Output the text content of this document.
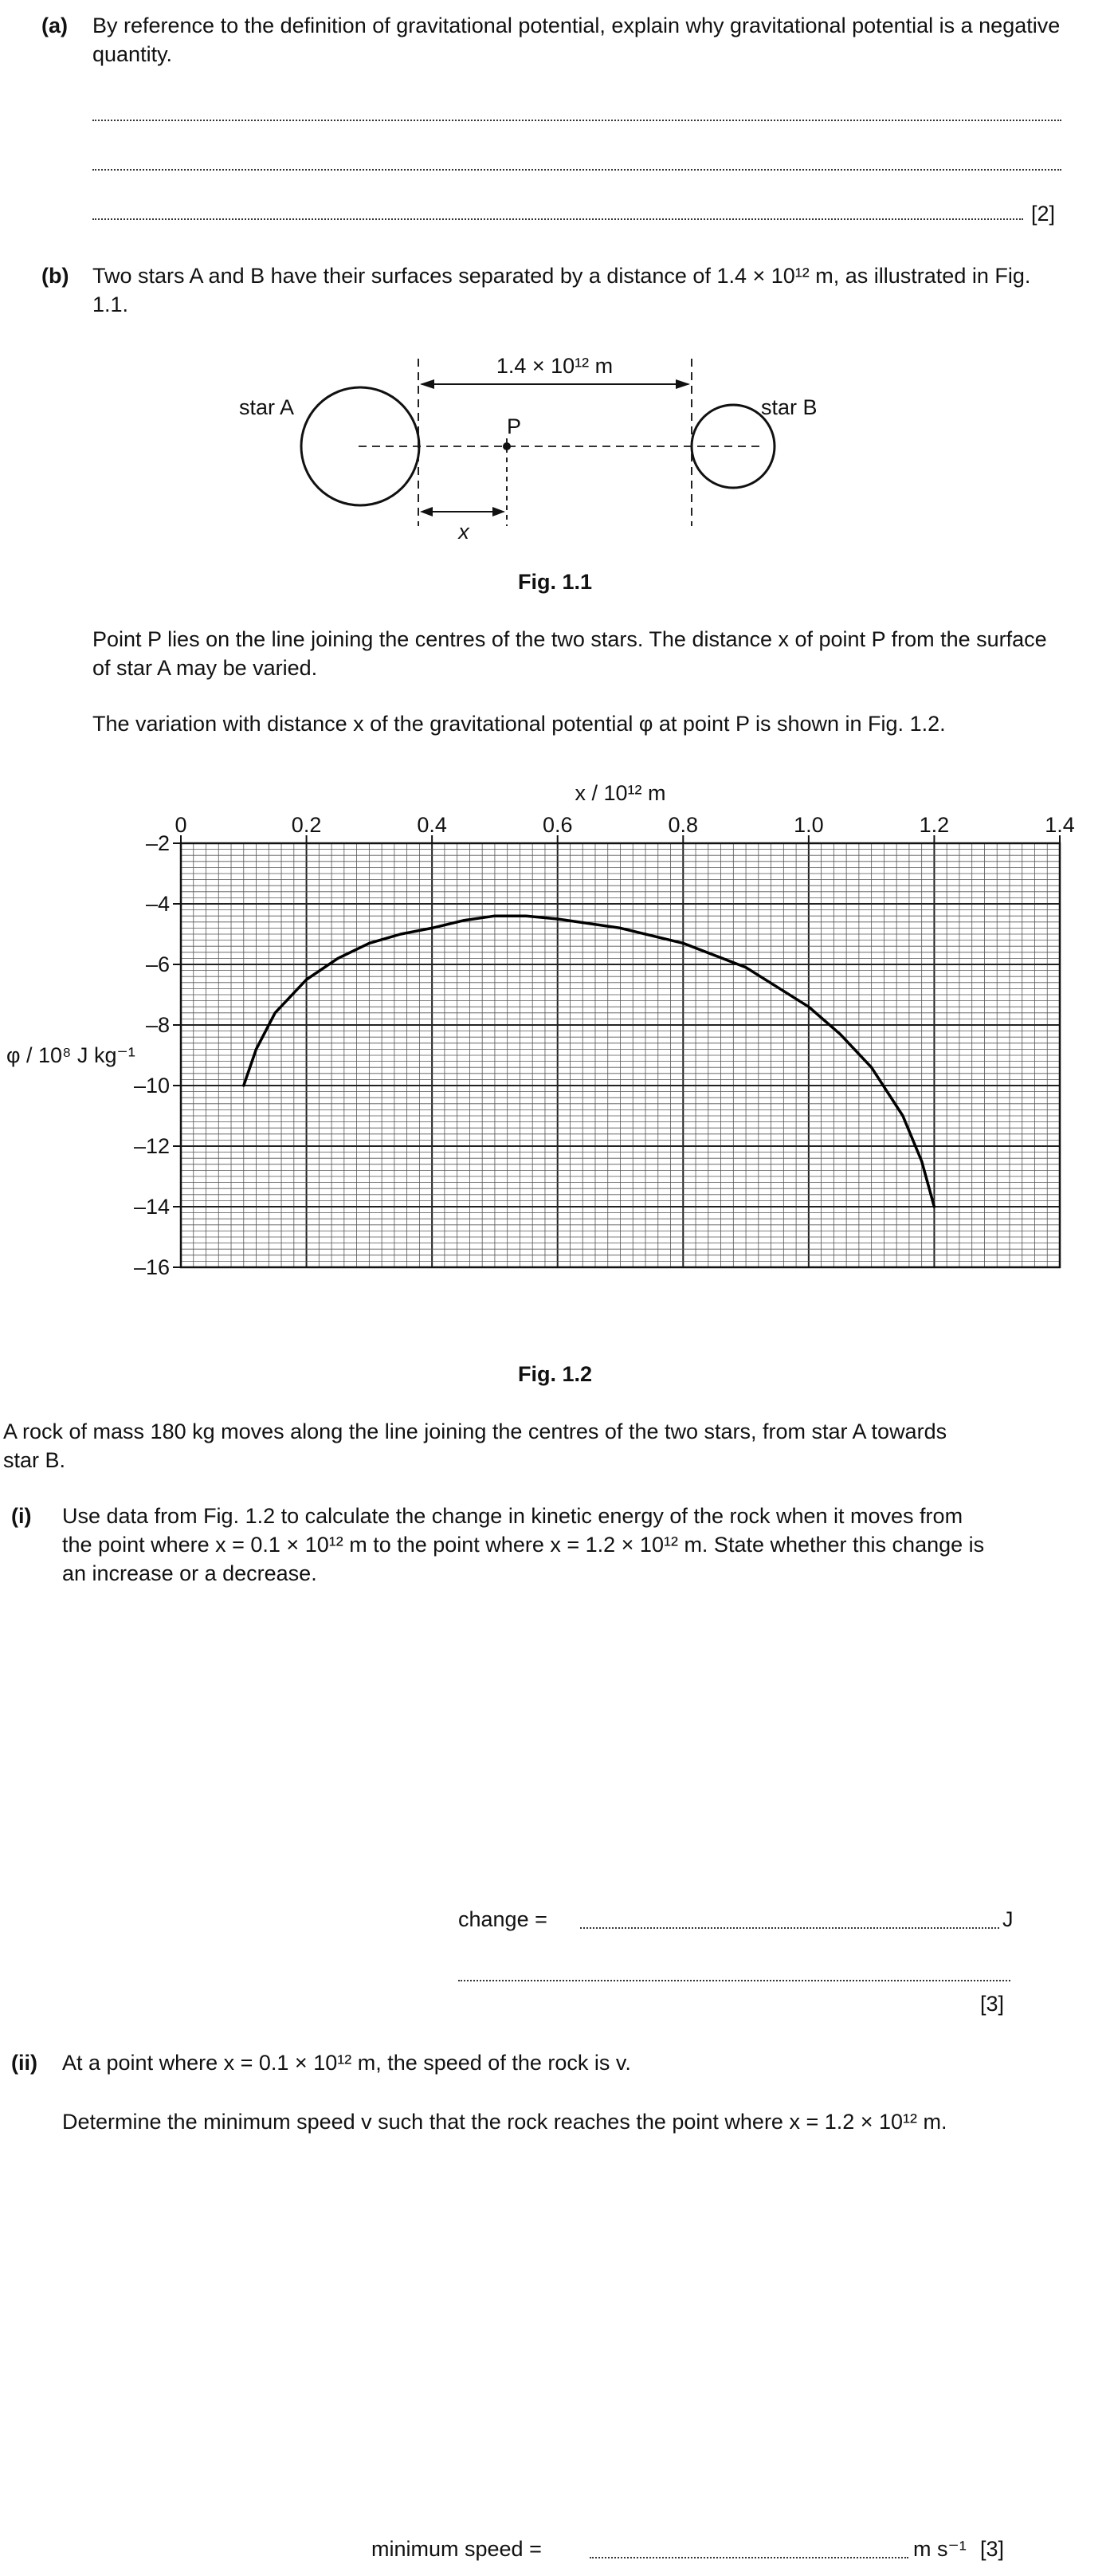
(a) By reference to the definition of gravitational potential, explain why gravitational potential is a negative quantity.
[2]
(b) Two stars A and B have their surfaces separated by a distance of 1.4 × 10¹² m, as illustrated in Fig. 1.1.
star A	star B
P
1.4 × 10¹² m
x
Fig. 1.1
Point P lies on the line joining the centres of the two stars. The distance x of point P from the surface of star A may be varied.
The variation with distance x of the gravitational potential φ at point P is shown in Fig. 1.2.
0	0.2	0.4	0.6	0.8	1.0	1.2	1.4
–2
–4
–6
–8
–10
–12
–14
–16
x / 10¹² m
φ / 10⁸ J kg⁻¹
Fig. 1.2
A rock of mass 180 kg moves along the line joining the centres of the two stars, from star A towards star B.
(i) Use data from Fig. 1.2 to calculate the change in kinetic energy of the rock when it moves from the point where x = 0.1 × 10¹² m to the point where x = 1.2 × 10¹² m. State whether this change is an increase or a decrease.
change =	J
[3]
(ii) At a point where x = 0.1 × 10¹² m, the speed of the rock is v.
Determine the minimum speed v such that the rock reaches the point where x = 1.2 × 10¹² m.
minimum speed =	m s⁻¹ [3]
